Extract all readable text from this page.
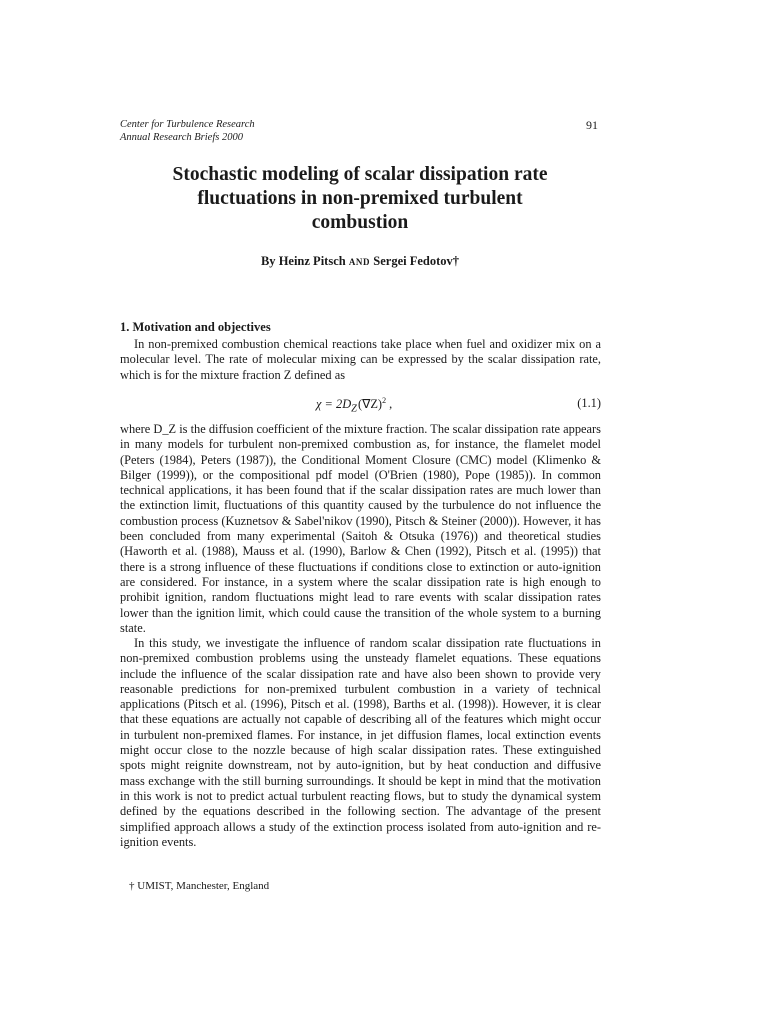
Center for Turbulence Research
Annual Research Briefs 2000
91
Stochastic modeling of scalar dissipation rate
fluctuations in non-premixed turbulent
combustion
By Heinz Pitsch AND Sergei Fedotov†
1. Motivation and objectives

In non-premixed combustion chemical reactions take place when fuel and oxidizer mix on a molecular level. The rate of molecular mixing can be expressed by the scalar dissipation rate, which is for the mixture fraction Z defined as

$\chi = 2D_Z$ $(\nabla Z)^2$ ,	(1.1)

where D_Z is the diffusion coefficient of the mixture fraction. The scalar dissipation rate appears in many models for turbulent non-premixed combustion as, for instance, the flamelet model (Peters (1984), Peters (1987)), the Conditional Moment Closure (CMC) model (Klimenko & Bilger (1999)), or the compositional pdf model (O'Brien (1980), Pope (1985)). In common technical applications, it has been found that if the scalar dissipation rates are much lower than the extinction limit, fluctuations of this quantity caused by the turbulence do not influence the combustion process (Kuznetsov & Sabel'nikov (1990), Pitsch & Steiner (2000)). However, it has been concluded from many experimental (Saitoh & Otsuka (1976)) and theoretical studies (Haworth et al. (1988), Mauss et al. (1990), Barlow & Chen (1992), Pitsch et al. (1995)) that there is a strong influence of these fluctuations if conditions close to extinction or auto-ignition are considered. For instance, in a system where the scalar dissipation rate is high enough to prohibit ignition, random fluctuations might lead to rare events with scalar dissipation rates lower than the ignition limit, which could cause the transition of the whole system to a burning state.

In this study, we investigate the influence of random scalar dissipation rate fluctuations in non-premixed combustion problems using the unsteady flamelet equations. These equations include the influence of the scalar dissipation rate and have also been shown to provide very reasonable predictions for non-premixed turbulent combustion in a variety of technical applications (Pitsch et al. (1996), Pitsch et al. (1998), Barths et al. (1998)). However, it is clear that these equations are actually not capable of describing all of the features which might occur in turbulent non-premixed flames. For instance, in jet diffusion flames, local extinction events might occur close to the nozzle because of high scalar dissipation rates. These extinguished spots might reignite downstream, not by auto-ignition, but by heat conduction and diffusive mass exchange with the still burning surroundings. It should be kept in mind that the motivation in this work is not to predict actual turbulent reacting flows, but to study the dynamical system defined by the equations described in the following section. The advantage of the present simplified approach allows a study of the extinction process isolated from auto-ignition and re-ignition events.

† UMIST, Manchester, England
